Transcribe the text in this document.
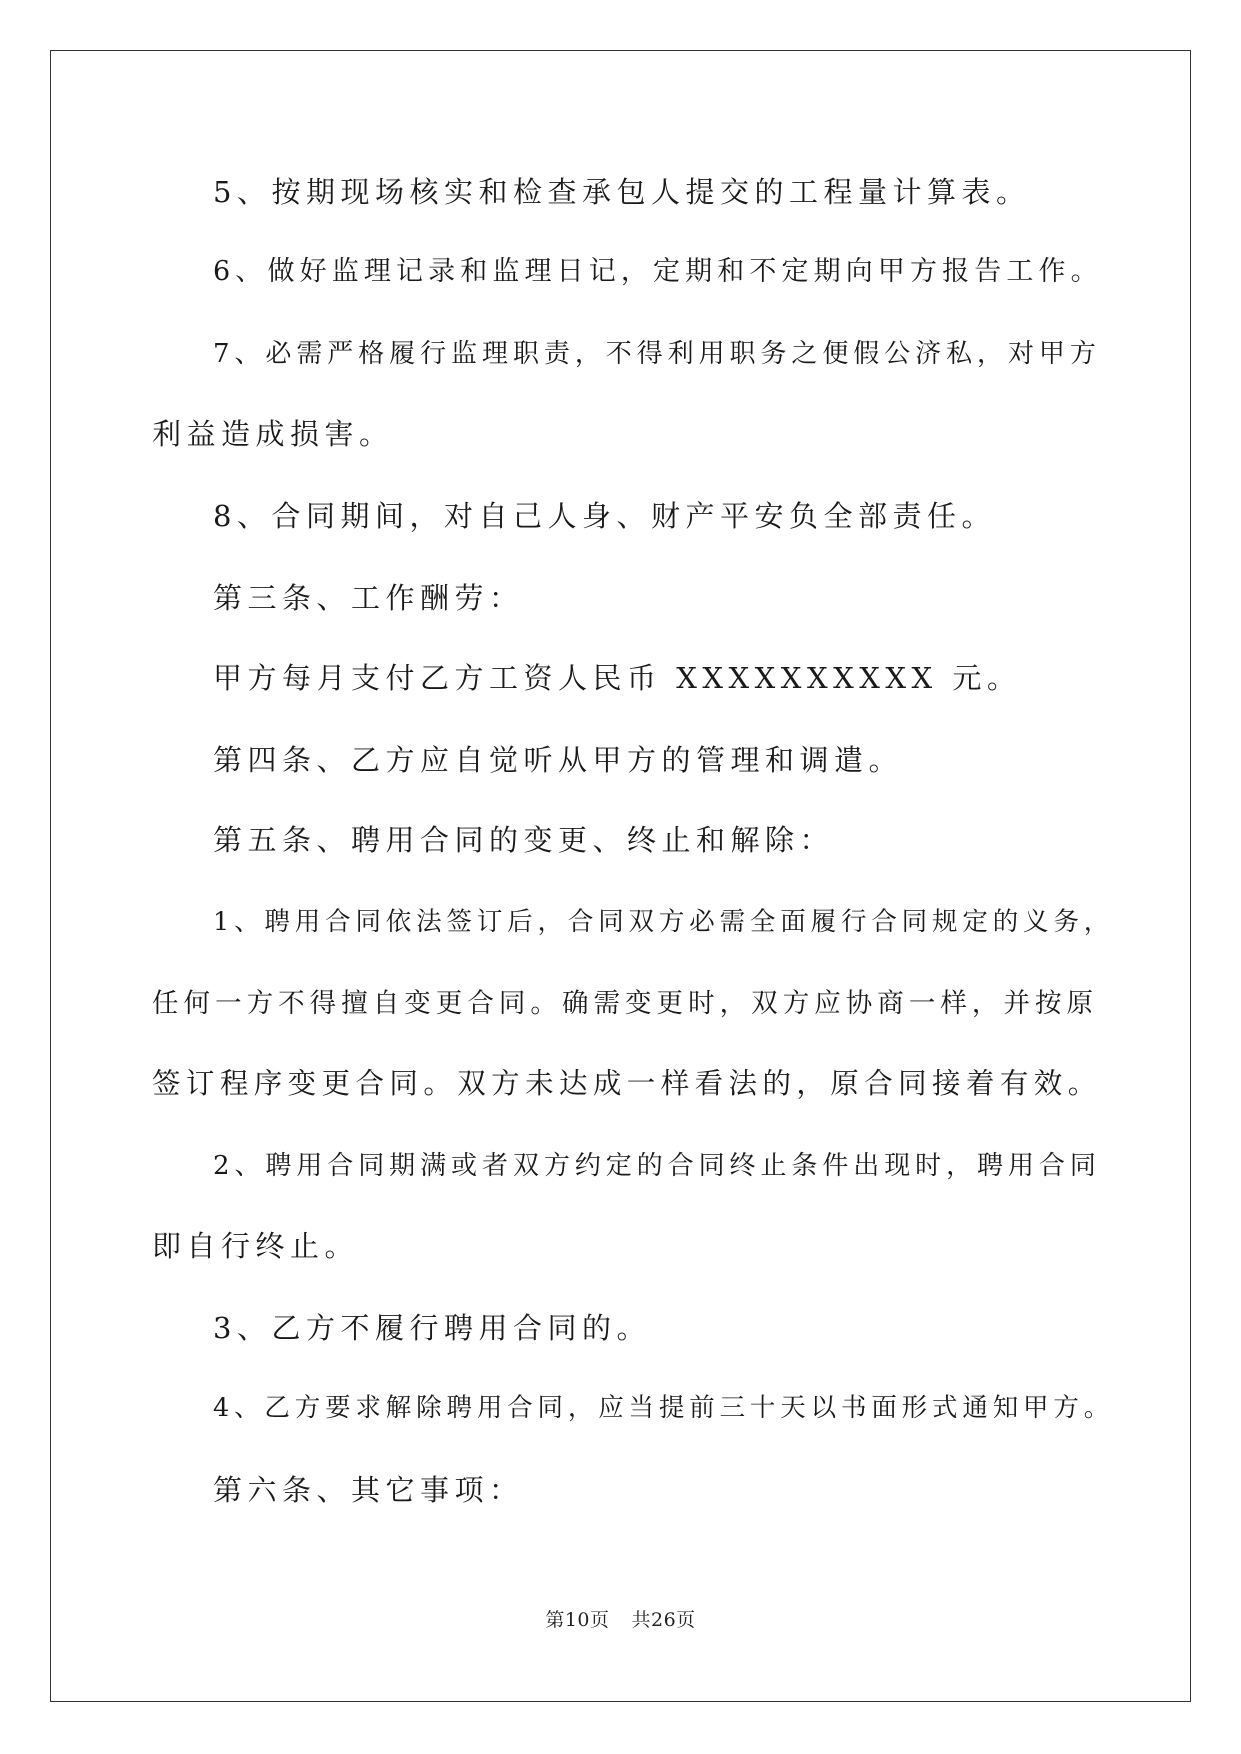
5、按期现场核实和检查承包人提交的工程量计算表。
6、做好监理记录和监理日记，定期和不定期向甲方报告工作。
7、必需严格履行监理职责，不得利用职务之便假公济私，对甲方
利益造成损害。
8、合同期间，对自己人身、财产平安负全部责任。
第三条、工作酬劳：
甲方每月支付乙方工资人民币 XXXXXXXXXX 元。
第四条、乙方应自觉听从甲方的管理和调遣。
第五条、聘用合同的变更、终止和解除：
1、聘用合同依法签订后，合同双方必需全面履行合同规定的义务，
任何一方不得擅自变更合同。确需变更时，双方应协商一样，并按原
签订程序变更合同。双方未达成一样看法的，原合同接着有效。
2、聘用合同期满或者双方约定的合同终止条件出现时，聘用合同
即自行终止。
3、乙方不履行聘用合同的。
4、乙方要求解除聘用合同，应当提前三十天以书面形式通知甲方。
第六条、其它事项：
第10页 共26页
